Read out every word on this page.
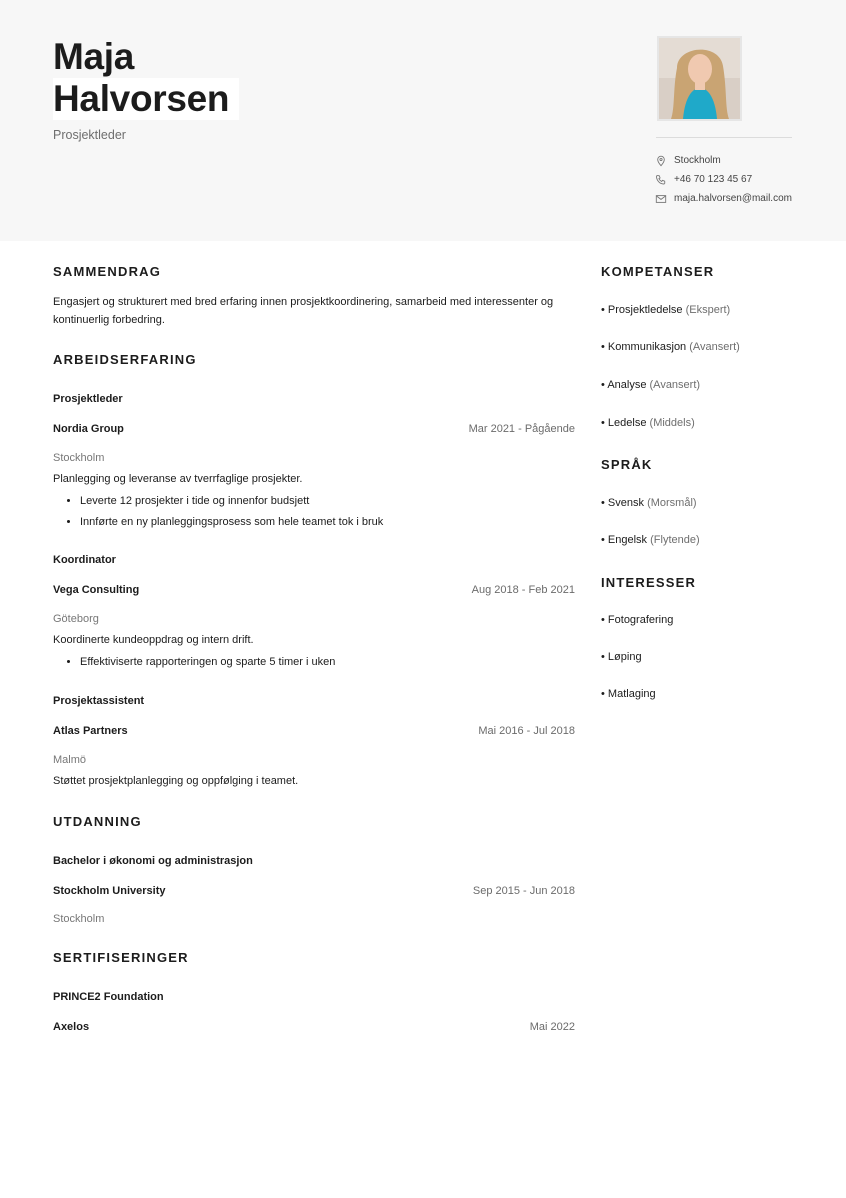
Maja
Halvorsen
Prosjektleder
Stockholm
+46 70 123 45 67
maja.halvorsen@mail.com
SAMMENDRAG

Engasjert og strukturert med bred erfaring innen prosjektkoordinering, samarbeid med interessenter og kontinuerlig forbedring.

ARBEIDSERFARING
Prosjektleder
Nordia Group	Mar 2021 - Pågående
Stockholm
Planlegging og leveranse av tverrfaglige prosjekter.
• Leverte 12 prosjekter i tide og innenfor budsjett
• Innførte en ny planleggingsprosess som hele teamet tok i bruk
Koordinator
Vega Consulting	Aug 2018 - Feb 2021
Göteborg
Koordinerte kundeoppdrag og intern drift.
• Effektiviserte rapporteringen og sparte 5 timer i uken
Prosjektassistent
Atlas Partners	Mai 2016 - Jul 2018
Malmö
Støttet prosjektplanlegging og oppfølging i teamet.
UTDANNING
Bachelor i økonomi og administrasjon
Stockholm University	Sep 2015 - Jun 2018
Stockholm
SERTIFISERINGER
PRINCE2 Foundation
Axelos	Mai 2022
KOMPETANSER
• Prosjektledelse (Ekspert)
• Kommunikasjon (Avansert)
• Analyse (Avansert)
• Ledelse (Middels)
SPRÅK
• Svensk (Morsmål)
• Engelsk (Flytende)
INTERESSER
• Fotografering
• Løping
• Matlaging
